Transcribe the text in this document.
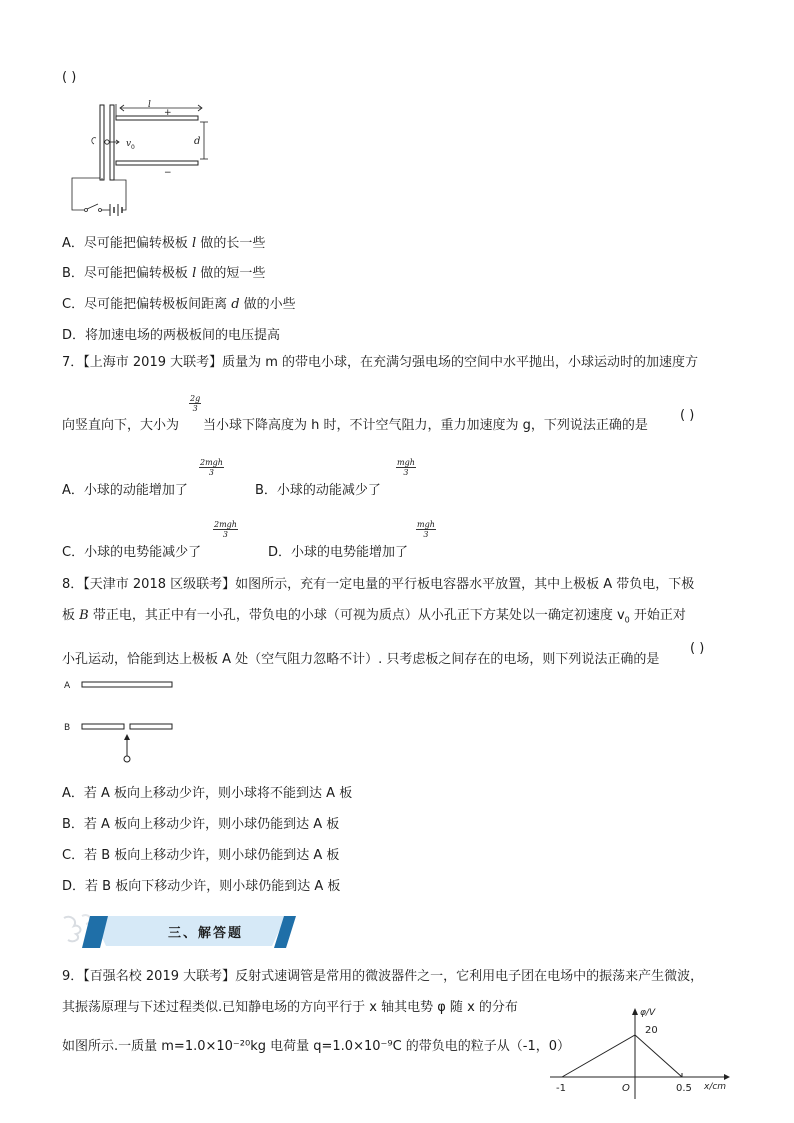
( )
l
+
d
v 0
−
A．尽可能把偏转极板 l 做的长一些
B．尽可能把偏转极板 l 做的短一些
C．尽可能把偏转极板间距离 d 做的小些
D．将加速电场的两极板间的电压提高
7．【上海市 2019 大联考】质量为 m 的带电小球，在充满匀强电场的空间中水平抛出，小球运动时的加速度方
向竖直向下，大小为
$\frac{2g}{3}$
当小球下降高度为 h 时，不计空气阻力，重力加速度为 g，下列说法正确的是
( )
A．小球的动能增加了
2mgh
3
B．小球的动能减少了
mgh
3
C．小球的电势能减少了
2mgh
3
D．小球的电势能增加了
mgh
3
8．【天津市 2018 区级联考】如图所示，充有一定电量的平行板电容器水平放置，其中上极板 A 带负电，下极
板 B 带正电，其正中有一小孔，带负电的小球（可视为质点）从小孔正下方某处以一确定初速度 $v_0$ 开始正对
小孔运动，恰能到达上极板 A 处（空气阻力忽略不计）. 只考虑板之间存在的电场，则下列说法正确的是
( )
A
B
A．若 A 板向上移动少许，则小球将不能到达 A 板
B．若 A 板向上移动少许，则小球仍能到达 A 板
C．若 B 板向上移动少许，则小球仍能到达 A 板
D．若 B 板向下移动少许，则小球仍能到达 A 板
三、解答题
9．【百强名校 2019 大联考】反射式速调管是常用的微波器件之一，它利用电子团在电场中的振荡来产生微波，
其振荡原理与下述过程类似.已知静电场的方向平行于 x 轴其电势 φ 随 x 的分布
如图所示.一质量 m=1.0×10⁻²⁰kg 电荷量 q=1.0×10⁻⁹C 的带负电的粒子从（-1，0）
φ/V
20
x/cm
-1	O	0.5
